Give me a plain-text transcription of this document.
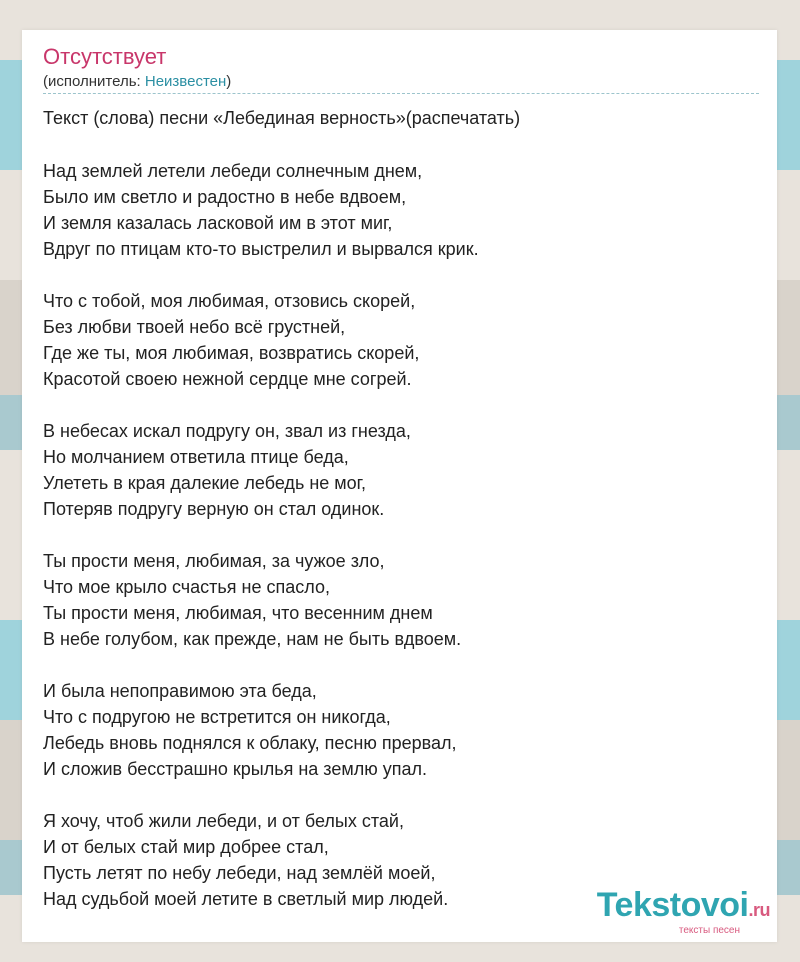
Отсутствует
(исполнитель: Неизвестен)
Текст (слова) песни «Лебединая верность»(распечатать)
Над землей летели лебеди солнечным днем,
Было им светло и радостно в небе вдвоем,
И земля казалась ласковой им в этот миг,
Вдруг по птицам кто-то выстрелил и вырвался крик.
Что с тобой, моя любимая, отзовись скорей,
Без любви твоей небо всё грустней,
Где же ты, моя любимая, возвратись скорей,
Красотой своею нежной сердце мне согрей.
В небесах искал подругу он, звал из гнезда,
Но молчанием ответила птице беда,
Улететь в края далекие лебедь не мог,
Потеряв подругу верную он стал одинок.
Ты прости меня, любимая, за чужое зло,
Что мое крыло счастья не спасло,
Ты прости меня, любимая, что весенним днем
В небе голубом, как прежде, нам не быть вдвоем.
И была непоправимою эта беда,
Что с подругою не встретится он никогда,
Лебедь вновь поднялся к облаку, песню прервал,
И сложив бесстрашно крылья на землю упал.
Я хочу, чтоб жили лебеди, и от белых стай,
И от белых стай мир добрее стал,
Пусть летят по небу лебеди, над землёй моей,
Над судьбой моей летите в светлый мир людей.	Tekstovoi.ru
тексты песен
